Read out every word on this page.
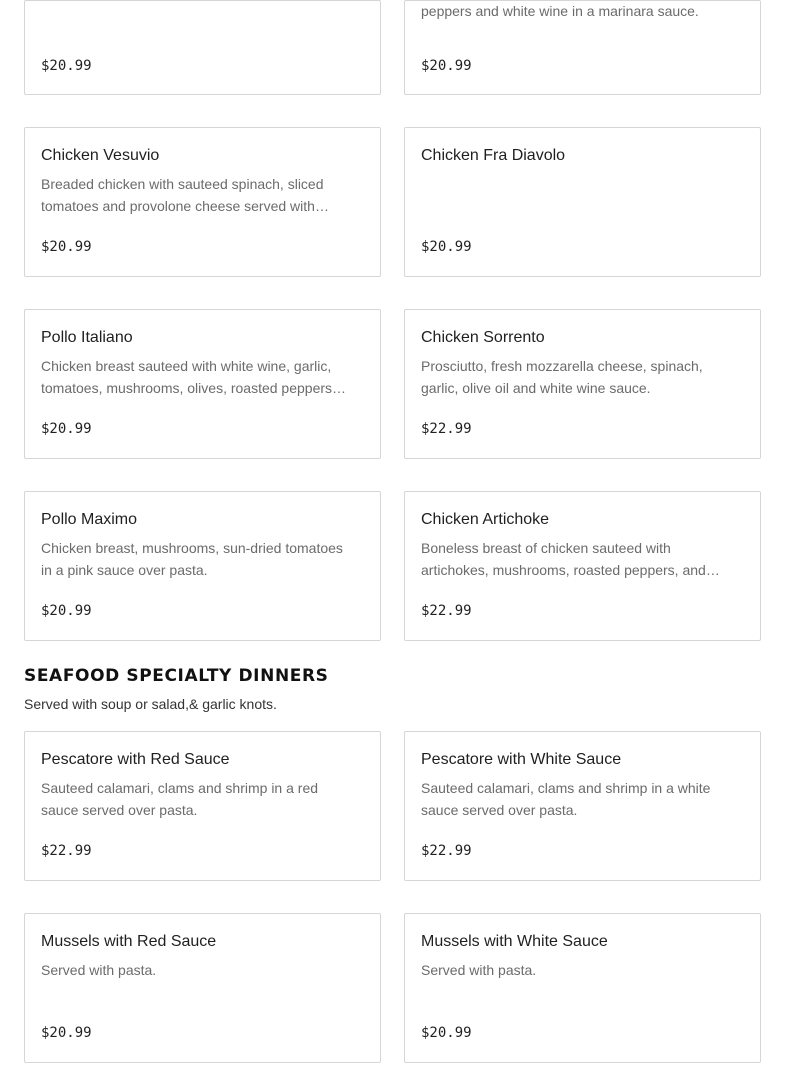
$20.99
peppers and white wine in a marinara sauce.
$20.99
Chicken Vesuvio
Breaded chicken with sauteed spinach, sliced tomatoes and provolone cheese served with…
$20.99
Chicken Fra Diavolo
$20.99
Pollo Italiano
Chicken breast sauteed with white wine, garlic, tomatoes, mushrooms, olives, roasted peppers…
$20.99
Chicken Sorrento
Prosciutto, fresh mozzarella cheese, spinach, garlic, olive oil and white wine sauce.
$22.99
Pollo Maximo
Chicken breast, mushrooms, sun-dried tomatoes in a pink sauce over pasta.
$20.99
Chicken Artichoke
Boneless breast of chicken sauteed with artichokes, mushrooms, roasted peppers, and…
$22.99
SEAFOOD SPECIALTY DINNERS
Served with soup or salad,& garlic knots.
Pescatore with Red Sauce
Sauteed calamari, clams and shrimp in a red sauce served over pasta.
$22.99
Pescatore with White Sauce
Sauteed calamari, clams and shrimp in a white sauce served over pasta.
$22.99
Mussels with Red Sauce
Served with pasta.
$20.99
Mussels with White Sauce
Served with pasta.
$20.99
